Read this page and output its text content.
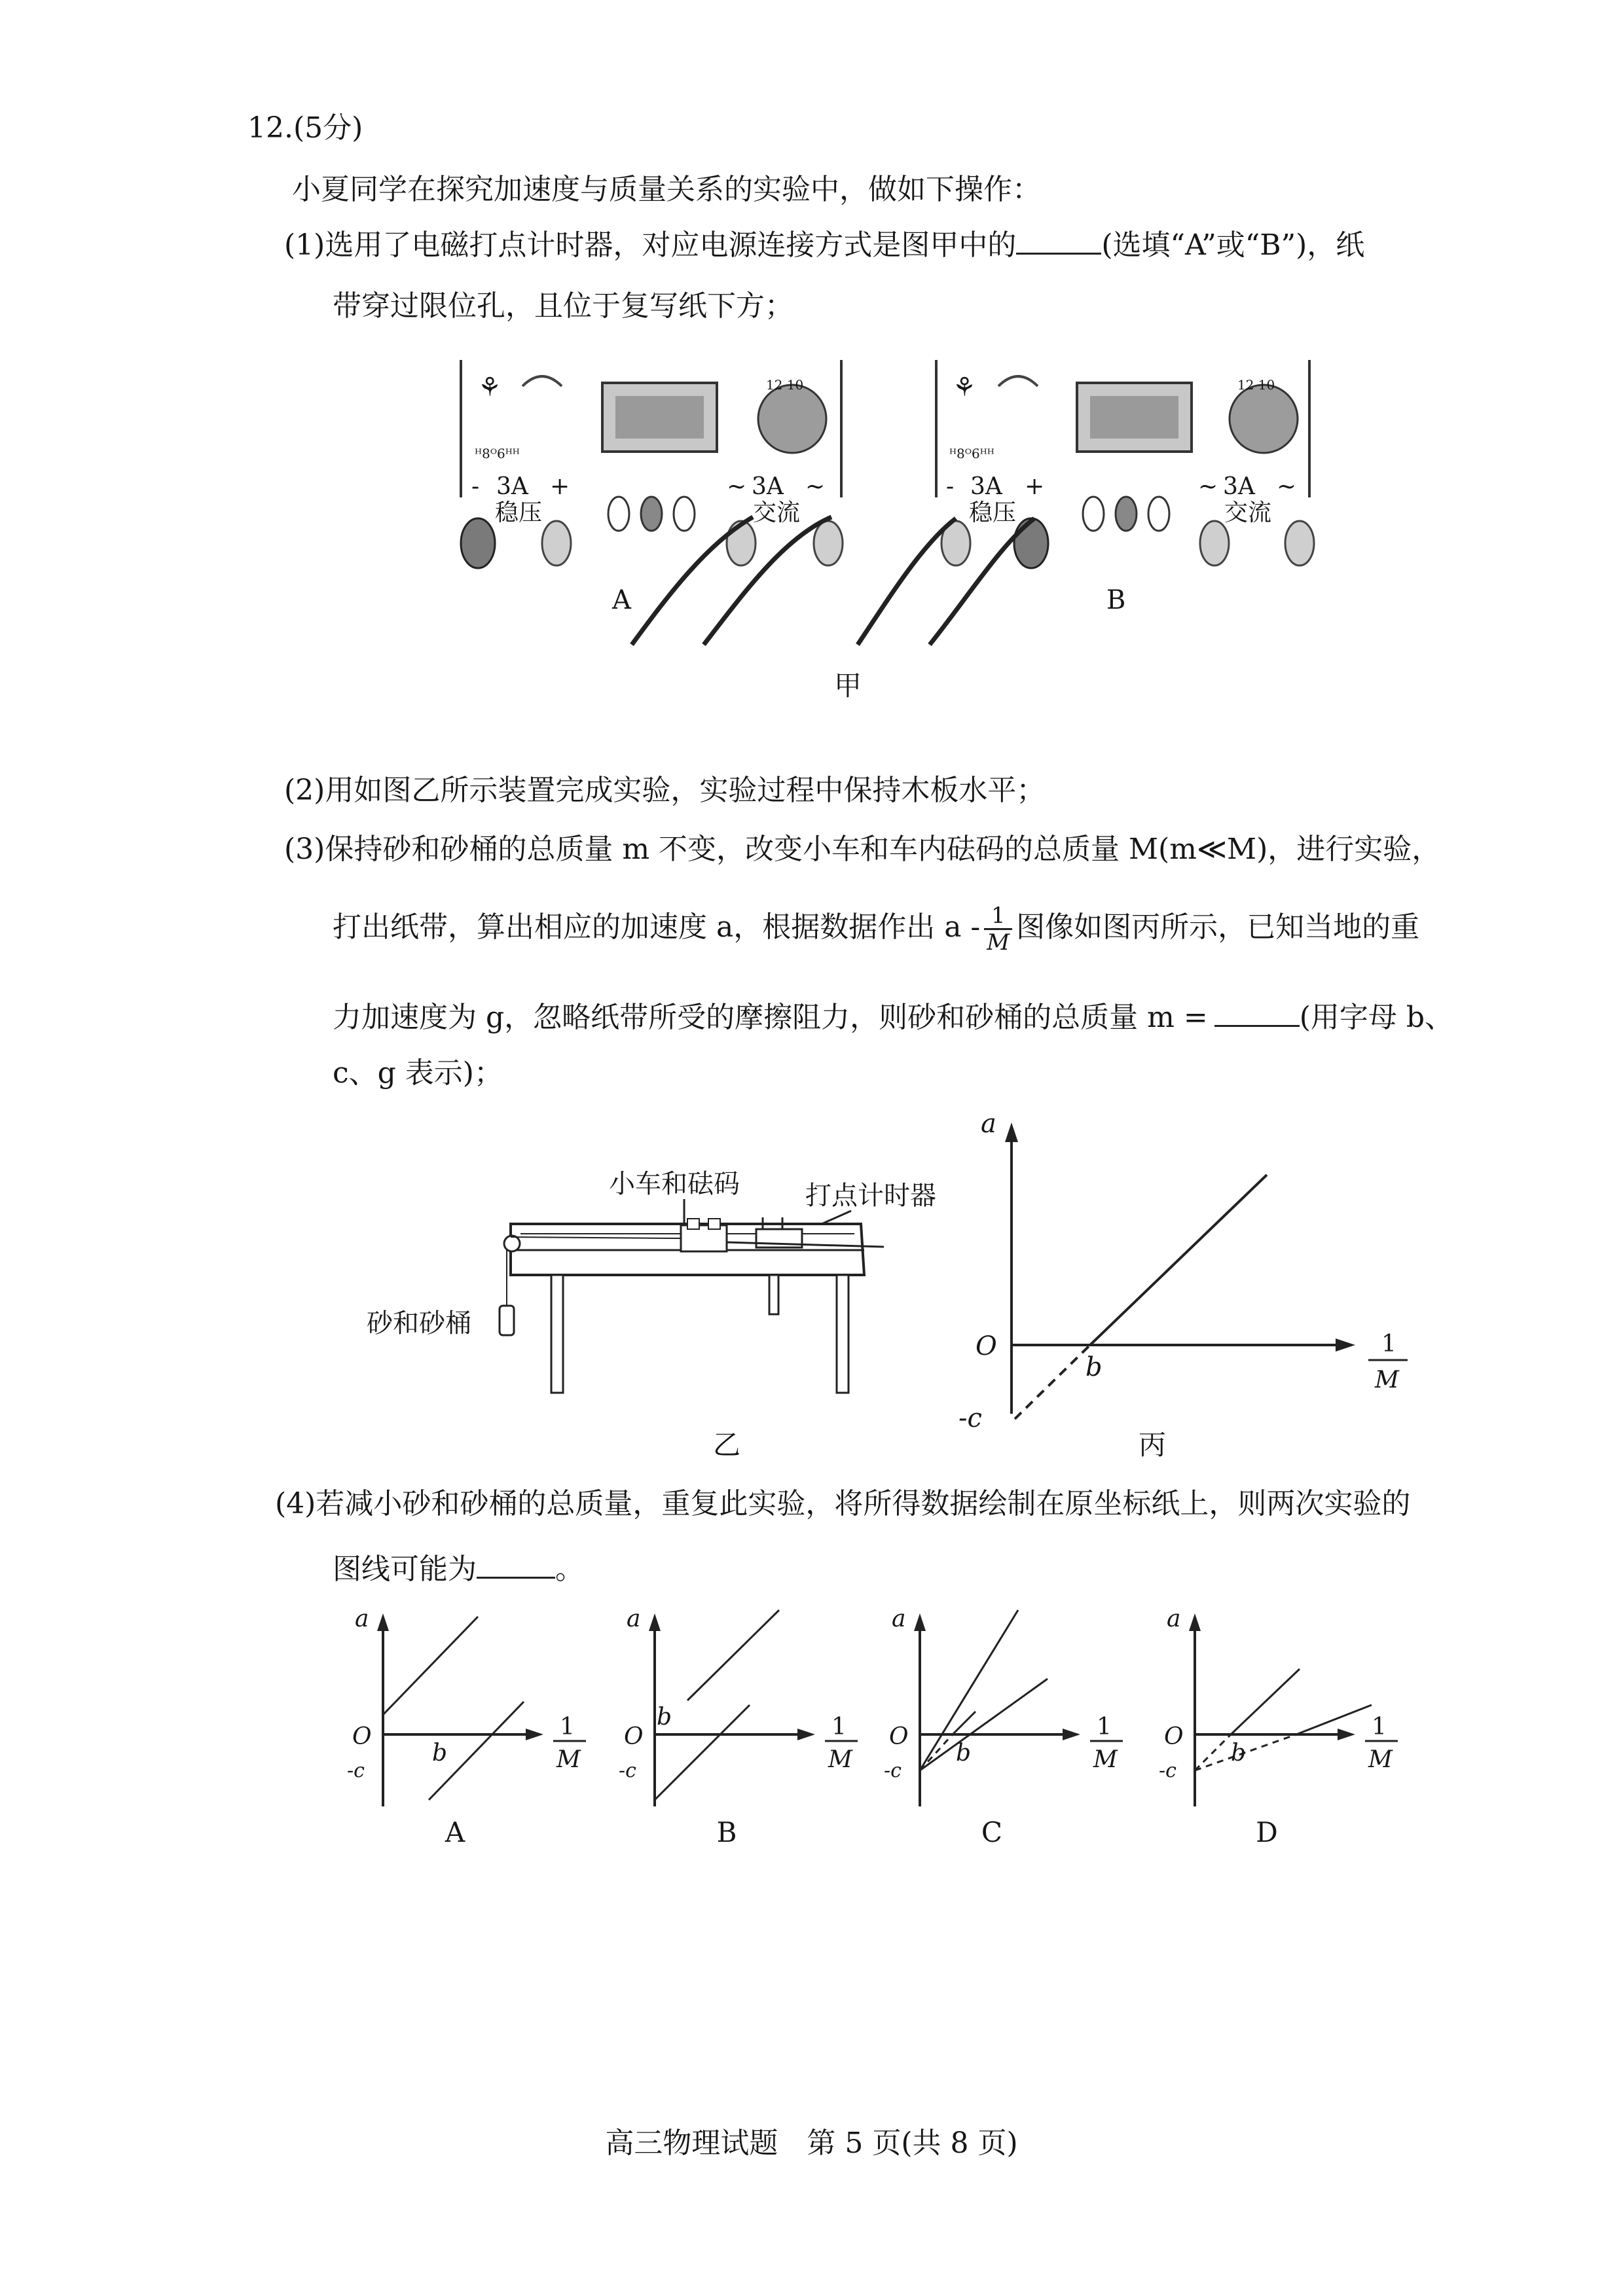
12.(5分)
小夏同学在探究加速度与质量关系的实验中，做如下操作：
(1)选用了电磁打点计时器，对应电源连接方式是图甲中的	(选填“A”或“B”)，纸
带穿过限位孔，且位于复写纸下方；
⚘	12 10
ᴴ8ᴼ6ᴴᴴ
- 3A +
稳压
~ 3A ~
交流
A
⚘	12 10
ᴴ8ᴼ6ᴴᴴ
- 3A +
稳压
~ 3A ~
交流
B
甲
(2)用如图乙所示装置完成实验，实验过程中保持木板水平；
(3)保持砂和砂桶的总质量 m 不变，改变小车和车内砝码的总质量 M(m≪M)，进行实验，
打出纸带，算出相应的加速度 a，根据数据作出 a - $\frac{1}{M}$ 图像如图丙所示，已知当地的重
力加速度为 g，忽略纸带所受的摩擦阻力，则砂和砂桶的总质量 m =	(用字母 b、
c、g 表示)；
小车和砝码	打点计时器
砂和砂桶
乙
a
O
b
-c
1
M
丙
(4)若减小砂和砂桶的总质量，重复此实验，将所得数据绘制在原坐标纸上，则两次实验的
图线可能为	。
a
O
b
-c
1
M
A
a
O
b
-c
1
M
B
a
O
b
-c
1
M
C
a
O
b
-c
1
M
D
高三物理试题　第 5 页(共 8 页)
